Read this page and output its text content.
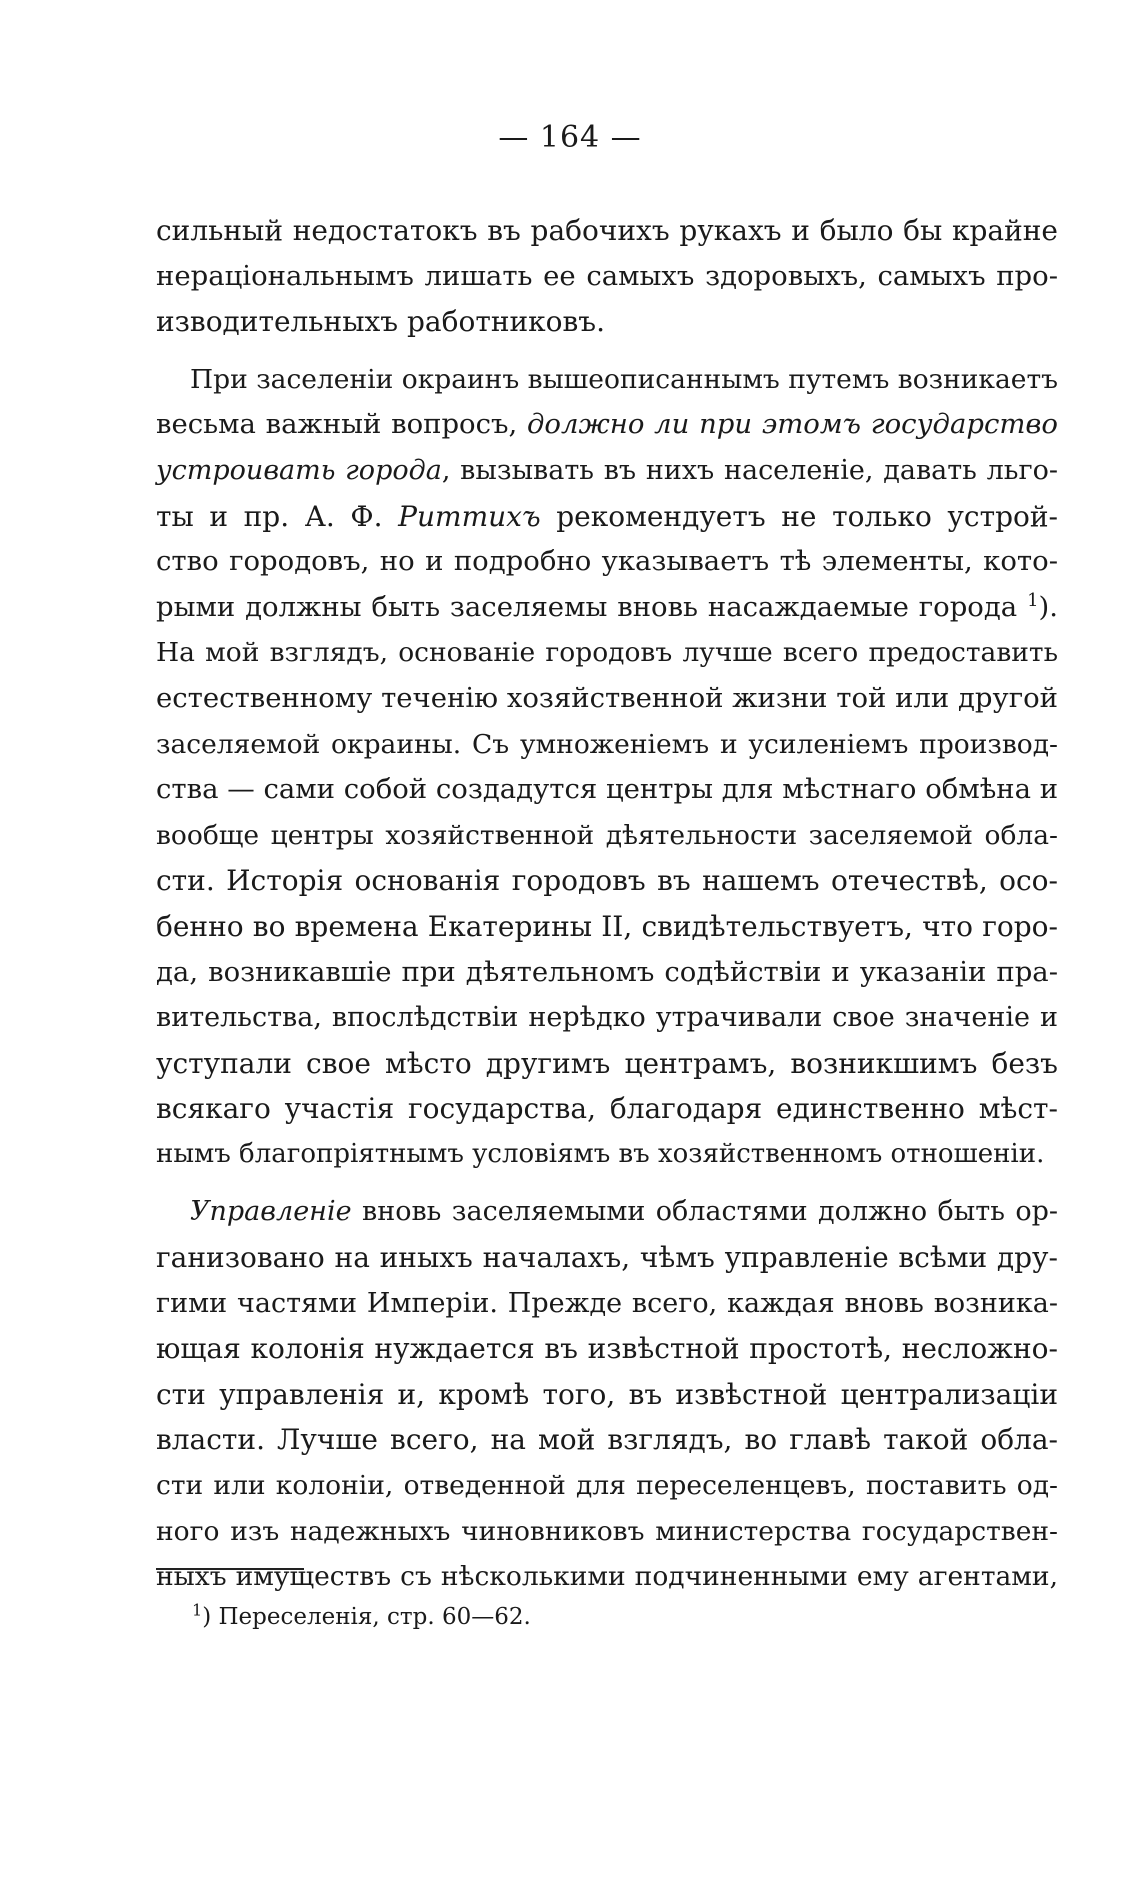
— 164 —
сильный недостатокъ въ рабочихъ рукахъ и было бы крайне
нераціональнымъ лишать ее самыхъ здоровыхъ, самыхъ про-
изводительныхъ работниковъ.
При заселеніи окраинъ вышеописаннымъ путемъ возникаетъ
весьма важный вопросъ, должно ли при этомъ государство
устроивать города, вызывать въ нихъ населеніе, давать льго-
ты и пр. А. Ф. Риттихъ рекомендуетъ не только устрой-
ство городовъ, но и подробно указываетъ тѣ элементы, кото-
рыми должны быть заселяемы вновь насаждаемые города $^1$).
На мой взглядъ, основаніе городовъ лучше всего предоставить
естественному теченію хозяйственной жизни той или другой
заселяемой окраины. Съ умноженіемъ и усиленіемъ производ-
ства — сами собой создадутся центры для мѣстнаго обмѣна и
вообще центры хозяйственной дѣятельности заселяемой обла-
сти. Исторія основанія городовъ въ нашемъ отечествѣ, осо-
бенно во времена Екатерины II, свидѣтельствуетъ, что горо-
да, возникавшіе при дѣятельномъ содѣйствіи и указаніи пра-
вительства, впослѣдствіи нерѣдко утрачивали свое значеніе и
уступали свое мѣсто другимъ центрамъ, возникшимъ безъ
всякаго участія государства, благодаря единственно мѣст-
нымъ благопріятнымъ условіямъ въ хозяйственномъ отношеніи.
Управленіе вновь заселяемыми областями должно быть ор-
ганизовано на иныхъ началахъ, чѣмъ управленіе всѣми дру-
гими частями Имперіи. Прежде всего, каждая вновь возника-
ющая колонія нуждается въ извѣстной простотѣ, несложно-
сти управленія и, кромѣ того, въ извѣстной централизаціи
власти. Лучше всего, на мой взглядъ, во главѣ такой обла-
сти или колоніи, отведенной для переселенцевъ, поставить од-
ного изъ надежныхъ чиновниковъ министерства государствен-
ныхъ имуществъ съ нѣсколькими подчиненными ему агентами,
$^1$) Переселенія, стр. 60—62.
